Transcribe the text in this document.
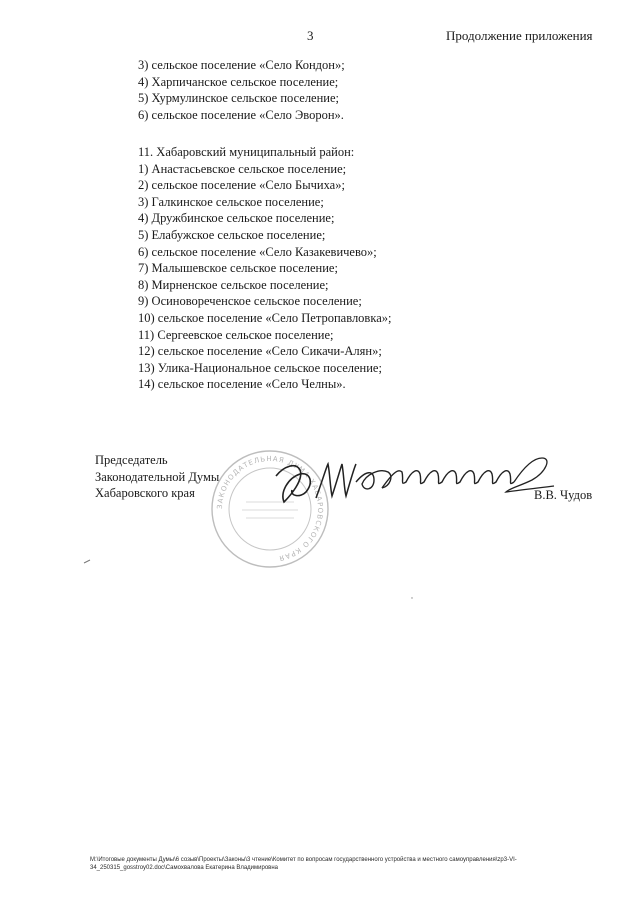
3	Продолжение приложения
3) сельское поселение «Село Кондон»;
4) Харпичанское сельское поселение;
5) Хурмулинское сельское поселение;
6) сельское поселение «Село Эворон».
11. Хабаровский муниципальный район:
1) Анастасьевское сельское поселение;
2) сельское поселение «Село Бычиха»;
3) Галкинское сельское поселение;
4) Дружбинское сельское поселение;
5) Елабужское сельское поселение;
6) сельское поселение «Село Казакевичево»;
7) Малышевское сельское поселение;
8) Мирненское сельское поселение;
9) Осиновореченское сельское поселение;
10) сельское поселение «Село Петропавловка»;
11) Сергеевское сельское поселение;
12) сельское поселение «Село Сикачи-Алян»;
13) Улика-Национальное сельское поселение;
14) сельское поселение «Село Челны».
ЗАКОНОДАТЕЛЬНАЯ ДУМА ХАБАРОВСКОГО КРАЯ
Председатель
Законодательной Думы
Хабаровского края	В.В. Чудов
M:\Итоговые документы Думы\6 созыв\Проекты\Законы\3 чтение\Комитет по вопросам государственного устройства и местного самоуправления\zp3-VI-
34_250315_gosstroy02.doc\Самохвалова Екатерина Владимировна
